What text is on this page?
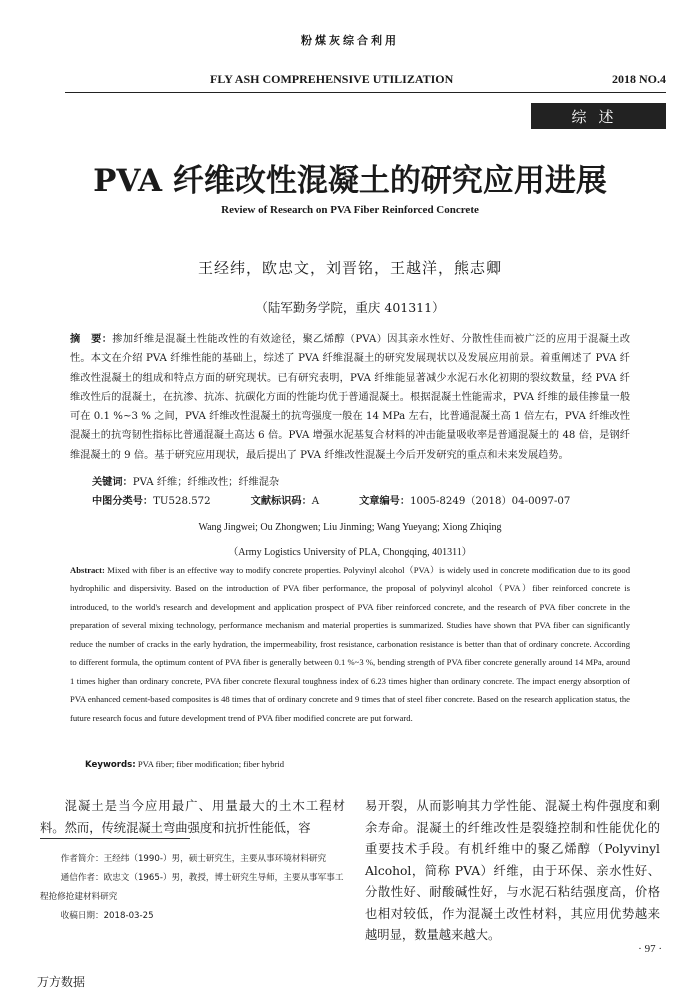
粉煤灰综合利用
FLY ASH COMPREHENSIVE UTILIZATION	2018 NO.4
综述
PVA 纤维改性混凝土的研究应用进展
Review of Research on PVA Fiber Reinforced Concrete
王经纬，欧忠文，刘晋铭，王越洋，熊志卿
（陆军勤务学院，重庆 401311）
摘　要：掺加纤维是混凝土性能改性的有效途径，聚乙烯醇（PVA）因其亲水性好、分散性佳而被广泛的应用于混凝土改性。本文在介绍 PVA 纤维性能的基础上，综述了 PVA 纤维混凝土的研究发展现状以及发展应用前景。着重阐述了 PVA 纤维改性混凝土的组成和特点方面的研究现状。已有研究表明，PVA 纤维能显著减少水泥石水化初期的裂纹数量，经 PVA 纤维改性后的混凝土，在抗渗、抗冻、抗碳化方面的性能均优于普通混凝土。根据混凝土性能需求，PVA 纤维的最佳掺量一般可在 0.1 %~3 % 之间，PVA 纤维改性混凝土的抗弯强度一般在 14 MPa 左右，比普通混凝土高 1 倍左右，PVA 纤维改性混凝土的抗弯韧性指标比普通混凝土高达 6 倍。PVA 增强水泥基复合材料的冲击能量吸收率是普通混凝土的 48 倍，是钢纤维混凝土的 9 倍。基于研究应用现状，最后提出了 PVA 纤维改性混凝土今后开发研究的重点和未来发展趋势。
关键词：PVA 纤维；纤维改性；纤维混杂
中图分类号：TU528.572	文献标识码：A	文章编号：1005-8249（2018）04-0097-07
Wang Jingwei; Ou Zhongwen; Liu Jinming; Wang Yueyang; Xiong Zhiqing
（Army Logistics University of PLA, Chongqing, 401311）
Abstract: Mixed with fiber is an effective way to modify concrete properties. Polyvinyl alcohol（PVA）is widely used in concrete modification due to its good hydrophilic and dispersivity. Based on the introduction of PVA fiber performance, the proposal of polyvinyl alcohol（PVA）fiber reinforced concrete is introduced, to the world's research and development and application prospect of PVA fiber reinforced concrete, and the research of PVA fiber concrete in the preparation of several mixing technology, performance mechanism and material properties is summarized. Studies have shown that PVA fiber can significantly reduce the number of cracks in the early hydration, the impermeability, frost resistance, carbonation resistance is better than that of ordinary concrete. According to different formula, the optimum content of PVA fiber is generally between 0.1 %~3 %, bending strength of PVA fiber concrete generally around 14 MPa, around 1 times higher than ordinary concrete, PVA fiber concrete flexural toughness index of 6.23 times higher than ordinary concrete. The impact energy absorption of PVA enhanced cement-based composites is 48 times that of ordinary concrete and 9 times that of steel fiber concrete. Based on the research application status, the future research focus and future development trend of PVA fiber modified concrete are put forward.
Keywords: PVA fiber; fiber modification; fiber hybrid

混凝土是当今应用最广、用量最大的土木工程材料。然而，传统混凝土弯曲强度和抗折性能低，容

作者简介：王经纬（1990-）男，硕士研究生，主要从事环境材料研究

通信作者：欧忠文（1965-）男，教授，博士研究生导师，主要从事军事工程抢修抢建材料研究

收稿日期：2018-03-25

易开裂，从而影响其力学性能、混凝土构件强度和剩余寿命。混凝土的纤维改性是裂缝控制和性能优化的重要技术手段。有机纤维中的聚乙烯醇（Polyvinyl Alcohol，简称 PVA）纤维，由于环保、亲水性好、分散性好、耐酸碱性好，与水泥石粘结强度高，价格也相对较低，作为混凝土改性材料，其应用优势越来越明显，数量越来越大。

· 97 ·
万方数据
